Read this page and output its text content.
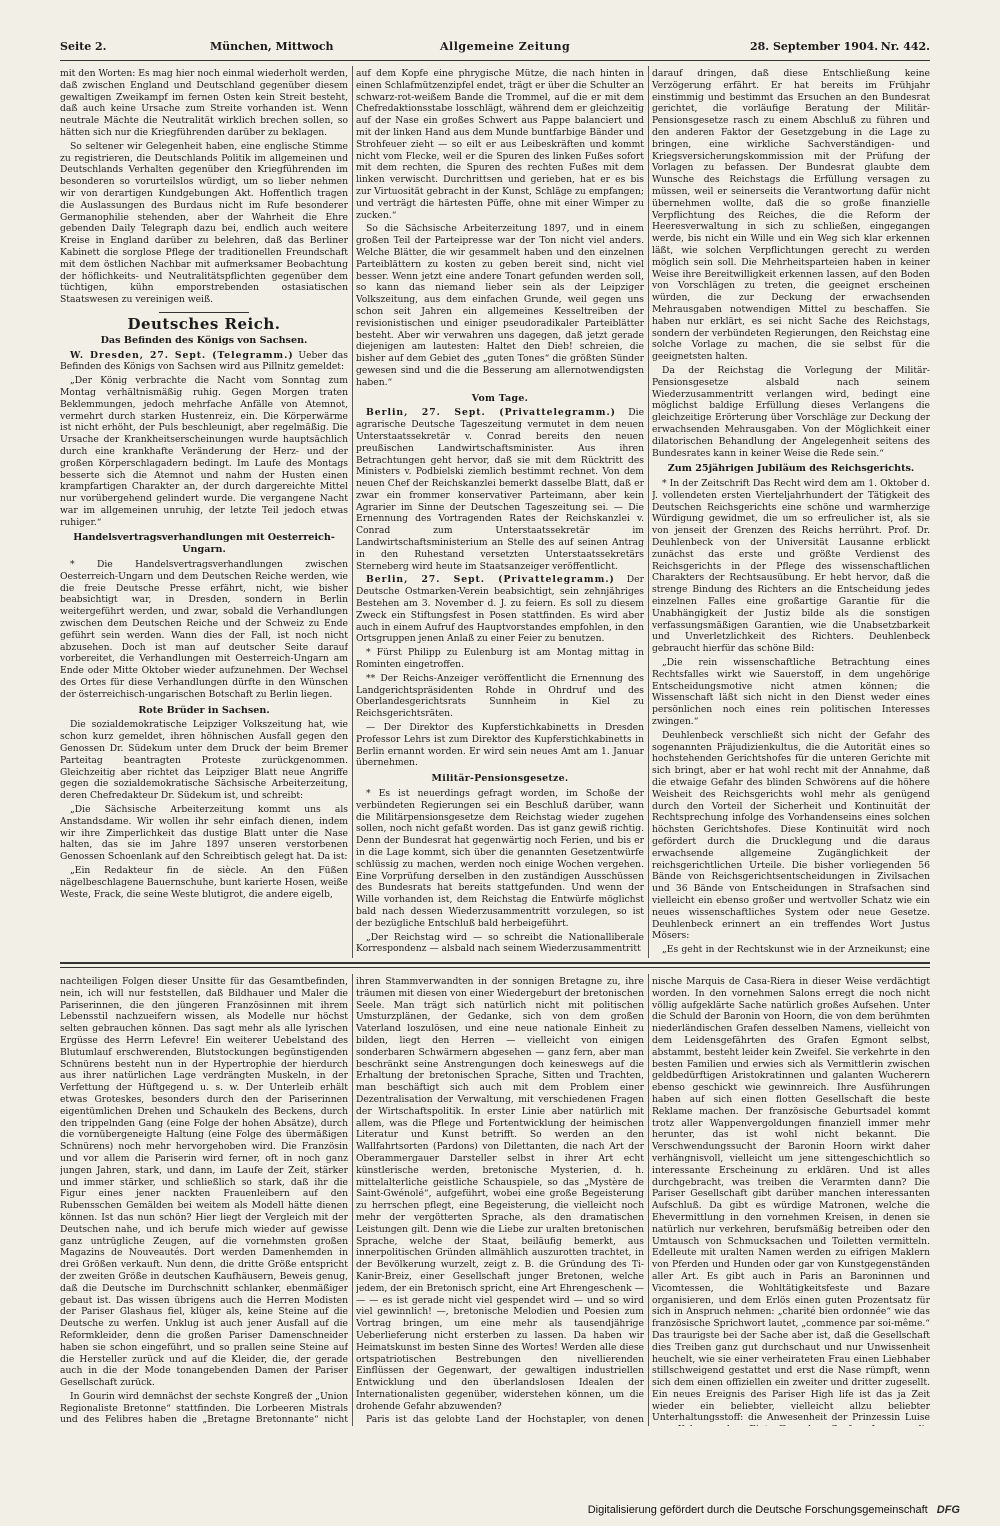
Seite 2.	München, Mittwoch	Allgemeine Zeitung	28. September 1904. Nr. 442.

mit den Worten: Es mag hier noch einmal wiederholt werden, daß zwischen England und Deutschland gegenüber diesem gewaltigen Zweikampf im fernen Osten kein Streit besteht, daß auch keine Ursache zum Streite vorhanden ist. Wenn neutrale Mächte die Neutralität wirklich brechen sollen, so hätten sich nur die Kriegführenden darüber zu beklagen.

So seltener wir Gelegenheit haben, eine englische Stimme zu registrieren, die Deutschlands Politik im allgemeinen und Deutschlands Verhalten gegenüber den Kriegführenden im besonderen so vorurteilslos würdigt, um so lieber nehmen wir von derartigen Kundgebungen Akt. Hoffentlich tragen die Auslassungen des Burdaus nicht im Rufe besonderer Germanophilie stehenden, aber der Wahrheit die Ehre gebenden Daily Telegraph dazu bei, endlich auch weitere Kreise in England darüber zu belehren, daß das Berliner Kabinett die sorglose Pflege der traditionellen Freundschaft mit dem östlichen Nachbar mit aufmerksamer Beobachtung der höflichkeits- und Neutralitätspflichten gegenüber dem tüchtigen, kühn emporstrebenden ostasiatischen Staatswesen zu vereinigen weiß.

Deutsches Reich.
Das Befinden des Königs von Sachsen.

W. Dresden, 27. Sept. (Telegramm.) Ueber das Befinden des Königs von Sachsen wird aus Pillnitz gemeldet:

„Der König verbrachte die Nacht vom Sonntag zum Montag verhältnismäßig ruhig. Gegen Morgen traten Beklemmungen, jedoch mehrfache Anfälle von Atemnot, vermehrt durch starken Hustenreiz, ein. Die Körperwärme ist nicht erhöht, der Puls beschleunigt, aber regelmäßig. Die Ursache der Krankheitserscheinungen wurde hauptsächlich durch eine krankhafte Veränderung der Herz- und der großen Körperschlagadern bedingt. Im Laufe des Montags besserte sich die Atemnot und nahm der Husten einen krampfartigen Charakter an, der durch dargereichte Mittel nur vorübergehend gelindert wurde. Die vergangene Nacht war im allgemeinen unruhig, der letzte Teil jedoch etwas ruhiger.“

Handelsvertragsverhandlungen mit Oesterreich-Ungarn.

* Die Handelsvertragsverhandlungen zwischen Oesterreich-Ungarn und dem Deutschen Reiche werden, wie die freie Deutsche Presse erfährt, nicht, wie bisher beabsichtigt war, in Dresden, sondern in Berlin weitergeführt werden, und zwar, sobald die Verhandlungen zwischen dem Deutschen Reiche und der Schweiz zu Ende geführt sein werden. Wann dies der Fall, ist noch nicht abzusehen. Doch ist man auf deutscher Seite darauf vorbereitet, die Verhandlungen mit Oesterreich-Ungarn am Ende oder Mitte Oktober wieder aufzunehmen. Der Wechsel des Ortes für diese Verhandlungen dürfte in den Wünschen der österreichisch-ungarischen Botschaft zu Berlin liegen.

Rote Brüder in Sachsen.

Die sozialdemokratische Leipziger Volkszeitung hat, wie schon kurz gemeldet, ihren höhnischen Ausfall gegen den Genossen Dr. Südekum unter dem Druck der beim Bremer Parteitag beantragten Proteste zurückgenommen. Gleichzeitig aber richtet das Leipziger Blatt neue Angriffe gegen die sozialdemokratische Sächsische Arbeiterzeitung, deren Chefredakteur Dr. Südekum ist, und schreibt:

„Die Sächsische Arbeiterzeitung kommt uns als Anstandsdame. Wir wollen ihr sehr einfach dienen, indem wir ihre Zimperlichkeit das dustige Blatt unter die Nase halten, das sie im Jahre 1897 unseren verstorbenen Genossen Schoenlank auf den Schreibtisch gelegt hat. Da ist:

„Ein Redakteur fin de siècle. An den Füßen nägelbeschlagene Bauernschuhe, bunt karierte Hosen, weiße Weste, Frack, die seine Weste blutigrot, die andere eigelb,

auf dem Kopfe eine phrygische Mütze, die nach hinten in einen Schlafmützenzipfel endet, trägt er über die Schulter an schwarz-rot-weißem Bande die Trommel, auf die er mit dem Chefredaktionsstabe losschlägt, während dem er gleichzeitig auf der Nase ein großes Schwert aus Pappe balanciert und mit der linken Hand aus dem Munde buntfarbige Bänder und Strohfeuer zieht — so eilt er aus Leibeskräften und kommt nicht vom Flecke, weil er die Spuren des linken Fußes sofort mit dem rechten, die Spuren des rechten Fußes mit dem linken verwischt. Durchrittsen und gerieben, hat er es bis zur Virtuosität gebracht in der Kunst, Schläge zu empfangen; und verträgt die härtesten Püffe, ohne mit einer Wimper zu zucken.“

So die Sächsische Arbeiterzeitung 1897, und in einem großen Teil der Parteipresse war der Ton nicht viel anders. Welche Blätter, die wir gesammelt haben und den einzelnen Parteiblättern zu kosten zu geben bereit sind, nicht viel besser. Wenn jetzt eine andere Tonart gefunden werden soll, so kann das niemand lieber sein als der Leipziger Volkszeitung, aus dem einfachen Grunde, weil gegen uns schon seit Jahren ein allgemeines Kesseltreiben der revisionistischen und einiger pseudoradikaler Parteiblätter besteht. Aber wir verwahren uns dagegen, daß jetzt gerade diejenigen am lautesten: Haltet den Dieb! schreien, die bisher auf dem Gebiet des „guten Tones“ die größten Sünder gewesen sind und die die Besserung am allernotwendigsten haben.“

Vom Tage.

Berlin, 27. Sept. (Privattelegramm.) Die agrarische Deutsche Tageszeitung vermutet in dem neuen Unterstaatssekretär v. Conrad bereits den neuen preußischen Landwirtschaftsminister. Aus ihren Betrachtungen geht hervor, daß sie mit dem Rücktritt des Ministers v. Podbielski ziemlich bestimmt rechnet. Von dem neuen Chef der Reichskanzlei bemerkt dasselbe Blatt, daß er zwar ein frommer konservativer Parteimann, aber kein Agrarier im Sinne der Deutschen Tageszeitung sei. — Die Ernennung des Vortragenden Rates der Reichskanzlei v. Conrad zum Unterstaatssekretär im Landwirtschaftsministerium an Stelle des auf seinen Antrag in den Ruhestand versetzten Unterstaatssekretärs Sterneberg wird heute im Staatsanzeiger veröffentlicht.

Berlin, 27. Sept. (Privattelegramm.) Der Deutsche Ostmarken-Verein beabsichtigt, sein zehnjähriges Bestehen am 3. November d. J. zu feiern. Es soll zu diesem Zweck ein Stiftungsfest in Posen stattfinden. Es wird aber auch in einem Aufruf des Hauptvorstandes empfohlen, in den Ortsgruppen jenen Anlaß zu einer Feier zu benutzen.

* Fürst Philipp zu Eulenburg ist am Montag mittag in Rominten eingetroffen.

** Der Reichs-Anzeiger veröffentlicht die Ernennung des Landgerichtspräsidenten Rohde in Ohrdruf und des Oberlandesgerichtsrats Sunnheim in Kiel zu Reichsgerichtsräten.

— Der Direktor des Kupferstichkabinetts in Dresden Professor Lehrs ist zum Direktor des Kupferstichkabinetts in Berlin ernannt worden. Er wird sein neues Amt am 1. Januar übernehmen.

Militär-Pensionsgesetze.

* Es ist neuerdings gefragt worden, im Schoße der verbündeten Regierungen sei ein Beschluß darüber, wann die Militärpensionsgesetze dem Reichstag wieder zugehen sollen, noch nicht gefaßt worden. Das ist ganz gewiß richtig. Denn der Bundesrat hat gegenwärtig noch Ferien, und bis er in die Lage kommt, sich über die genannten Gesetzentwürfe schlüssig zu machen, werden noch einige Wochen vergehen. Eine Vorprüfung derselben in den zuständigen Ausschüssen des Bundesrats hat bereits stattgefunden. Und wenn der Wille vorhanden ist, dem Reichstag die Entwürfe möglichst bald nach dessen Wiederzusammentritt vorzulegen, so ist der bezügliche Entschluß bald herbeigeführt.

„Der Reichstag wird — so schreibt die Nationalliberale Korrespondenz — alsbald nach seinem Wiederzusammentritt

darauf dringen, daß diese Entschließung keine Verzögerung erfährt. Er hat bereits im Frühjahr einstimmig und bestimmt das Ersuchen an den Bundesrat gerichtet, die vorläufige Beratung der Militär-Pensionsgesetze rasch zu einem Abschluß zu führen und den anderen Faktor der Gesetzgebung in die Lage zu bringen, eine wirkliche Sachverständigen- und Kriegsversicherungskommission mit der Prüfung der Vorlagen zu befassen. Der Bundesrat glaubte dem Wunsche des Reichstags die Erfüllung versagen zu müssen, weil er seinerseits die Verantwortung dafür nicht übernehmen wollte, daß die so große finanzielle Verpflichtung des Reiches, die die Reform der Heeresverwaltung in sich zu schließen, eingegangen werde, bis nicht ein Wille und ein Weg sich klar erkennen läßt, wie solchen Verpflichtungen gerecht zu werden möglich sein soll. Die Mehrheitsparteien haben in keiner Weise ihre Bereitwilligkeit erkennen lassen, auf den Boden von Vorschlägen zu treten, die geeignet erscheinen würden, die zur Deckung der erwachsenden Mehrausgaben notwendigen Mittel zu beschaffen. Sie haben nur erklärt, es sei nicht Sache des Reichstags, sondern der verbündeten Regierungen, den Reichstag eine solche Vorlage zu machen, die sie selbst für die geeignetsten halten.

Da der Reichstag die Vorlegung der Militär-Pensionsgesetze alsbald nach seinem Wiederzusammentritt verlangen wird, bedingt eine möglichst baldige Erfüllung dieses Verlangens die gleichzeitige Erörterung über Vorschläge zur Deckung der erwachsenden Mehrausgaben. Von der Möglichkeit einer dilatorischen Behandlung der Angelegenheit seitens des Bundesrates kann in keiner Weise die Rede sein.“

Zum 25jährigen Jubiläum des Reichsgerichts.

* In der Zeitschrift Das Recht wird dem am 1. Oktober d. J. vollendeten ersten Vierteljahrhundert der Tätigkeit des Deutschen Reichsgerichts eine schöne und warmherzige Würdigung gewidmet, die um so erfreulicher ist, als sie von jenseit der Grenzen des Reichs herrührt. Prof. Dr. Deuhlenbeck von der Universität Lausanne erblickt zunächst das erste und größte Verdienst des Reichsgerichts in der Pflege des wissenschaftlichen Charakters der Rechtsausübung. Er hebt hervor, daß die strenge Bindung des Richters an die Entscheidung jedes einzelnen Falles eine großartige Garantie für die Unabhängigkeit der Justiz bilde als die sonstigen verfassungsmäßigen Garantien, wie die Unabsetzbarkeit und Unverletzlichkeit des Richters. Deuhlenbeck gebraucht hierfür das schöne Bild:

„Die rein wissenschaftliche Betrachtung eines Rechtsfalles wirkt wie Sauerstoff, in dem ungehörige Entscheidungsmotive nicht atmen können; die Wissenschaft läßt sich nicht in den Dienst weder eines persönlichen noch eines rein politischen Interesses zwingen.“

Deuhlenbeck verschließt sich nicht der Gefahr des sogenannten Präjudizienkultus, die die Autorität eines so hochstehenden Gerichtshofes für die unteren Gerichte mit sich bringt, aber er hat wohl recht mit der Annahme, daß die etwaige Gefahr des blinden Schwörens auf die höhere Weisheit des Reichsgerichts wohl mehr als genügend durch den Vorteil der Sicherheit und Kontinuität der Rechtsprechung infolge des Vorhandenseins eines solchen höchsten Gerichtshofes. Diese Kontinuität wird noch gefördert durch die Drucklegung und die daraus erwachsende allgemeine Zugänglichkeit der reichsgerichtlichen Urteile. Die bisher vorliegenden 56 Bände von Reichsgerichtsentscheidungen in Zivilsachen und 36 Bände von Entscheidungen in Strafsachen sind vielleicht ein ebenso großer und wertvoller Schatz wie ein neues wissenschaftliches System oder neue Gesetze. Deuhlenbeck erinnert an ein treffendes Wort Justus Mösers:

„Es geht in der Rechtskunst wie in der Arzneikunst; eine

nachteiligen Folgen dieser Unsitte für das Gesamtbefinden, nein, ich will nur feststellen, daß Bildhauer und Maler die Pariserinnen, die den jüngeren Französinnen mit ihrem Lebensstil nachzueifern wissen, als Modelle nur höchst selten gebrauchen können. Das sagt mehr als alle lyrischen Ergüsse des Herrn Lefevre! Ein weiterer Uebelstand des Blutumlauf erschwerenden, Blutstockungen begünstigenden Schnürens besteht nun in der Hypertrophie der hierdurch aus ihrer natürlichen Lage verdrängten Muskeln, in der Verfettung der Hüftgegend u. s. w. Der Unterleib erhält etwas Groteskes, besonders durch den der Pariserinnen eigentümlichen Drehen und Schaukeln des Beckens, durch den trippelnden Gang (eine Folge der hohen Absätze), durch die vornübergeneigte Haltung (eine Folge des übermäßigen Schnürens) noch mehr hervorgehoben wird. Die Französin und vor allem die Pariserin wird ferner, oft in noch ganz jungen Jahren, stark, und dann, im Laufe der Zeit, stärker und immer stärker, und schließlich so stark, daß ihr die Figur eines jener nackten Frauenleibern auf den Rubensschen Gemälden bei weitem als Modell hätte dienen können. Ist das nun schön? Hier liegt der Vergleich mit der Deutschen nahe, und ich berufe mich wieder auf gewisse ganz untrügliche Zeugen, auf die vornehmsten großen Magazins de Nouveautés. Dort werden Damenhemden in drei Größen verkauft. Nun denn, die dritte Größe entspricht der zweiten Größe in deutschen Kaufhäusern, Beweis genug, daß die Deutsche im Durchschnitt schlanker, ebenmäßiger gebaut ist. Das wissen übrigens auch die Herren Modisten der Pariser Glashaus fiel, klüger als, keine Steine auf die Deutsche zu werfen. Unklug ist auch jener Ausfall auf die Reformkleider, denn die großen Pariser Damenschneider haben sie schon eingeführt, und so prallen seine Steine auf die Hersteller zurück und auf die Kleider, die, der gerade auch in die der Mode tonangebenden Damen der Pariser Gesellschaft zurück.

In Gourin wird demnächst der sechste Kongreß der „Union Regionaliste Bretonne“ stattfinden. Die Lorbeeren Mistrals und des Felibres haben die „Bretagne Bretonnante“ nicht

ihren Stammverwandten in der sonnigen Bretagne zu, ihre träumen mit diesen von einer Wiedergeburt der bretonischen Seele. Man trägt sich natürlich nicht mit politischen Umsturzplänen, der Gedanke, sich von dem großen Vaterland loszulösen, und eine neue nationale Einheit zu bilden, liegt den Herren — vielleicht von einigen sonderbaren Schwärmern abgesehen — ganz fern, aber man beschränkt seine Anstrengungen doch keineswegs auf die Erhaltung der bretonischen Sprache, Sitten und Trachten, man beschäftigt sich auch mit dem Problem einer Dezentralisation der Verwaltung, mit verschiedenen Fragen der Wirtschaftspolitik. In erster Linie aber natürlich mit allem, was die Pflege und Fortentwicklung der heimischen Literatur und Kunst betrifft. So werden an den Wallfahrtsorten (Pardons) von Dilettanten, die nach Art der Oberammergauer Darsteller selbst in ihrer Art echt künstlerische werden, bretonische Mysterien, d. h. mittelalterliche geistliche Schauspiele, so das „Mystère de Saint-Gwénolé“, aufgeführt, wobei eine große Begeisterung zu herrschen pflegt, eine Begeisterung, die vielleicht noch mehr der vergötterten Sprache, als den dramatischen Leistungen gilt. Denn wie die Liebe zur uralten bretonischen Sprache, welche der Staat, beiläufig bemerkt, aus innerpolitischen Gründen allmählich auszurotten trachtet, in der Bevölkerung wurzelt, zeigt z. B. die Gründung des Ti-Kanir-Breiz, einer Gesellschaft junger Bretonen, welche jedem, der ein Bretonisch spricht, eine Art Ehrengeschenk — — — es ist gerade nicht viel gespendet wird — und so wird viel gewinnlich! —, bretonische Melodien und Poesien zum Vortrag bringen, um eine mehr als tausendjährige Ueberlieferung nicht ersterben zu lassen. Da haben wir Heimatskunst im besten Sinne des Wortes! Werden alle diese ortspatriotischen Bestrebungen den nivellierenden Einflüssen der Gegenwart, der gewaltigen industriellen Entwicklung und den überlandslosen Idealen der Internationalisten gegenüber, widerstehen können, um die drohende Gefahr abzuwenden?

Paris ist das gelobte Land der Hochstapler, von denen

nische Marquis de Casa-Riera in dieser Weise verdächtigt worden. In den vornehmen Salons erregt die noch nicht völlig aufgeklärte Sache natürlich großes Aufsehen. Unter die Schuld der Baronin von Hoorn, die von dem berühmten niederländischen Grafen desselben Namens, vielleicht von dem Leidensgefährten des Grafen Egmont selbst, abstammt, besteht leider kein Zweifel. Sie verkehrte in den besten Familien und erwies sich als Vermittlerin zwischen geldbedürftigen Aristokratinnen und galanten Wucherern ebenso geschickt wie gewinnreich. Ihre Ausführungen haben auf sich einen flotten Gesellschaft die beste Reklame machen. Der französische Geburtsadel kommt trotz aller Wappenvergoldungen finanziell immer mehr herunter, das ist wohl nicht bekannt. Die Verschwendungssucht der Baronin Hoorn wirkt daher verhängnisvoll, vielleicht um jene sittengeschichtlich so interessante Erscheinung zu erklären. Und ist alles durchgebracht, was treiben die Verarmten dann? Die Pariser Gesellschaft gibt darüber manchen interessanten Aufschluß. Da gibt es würdige Matronen, welche die Ehevermittlung in den vornehmen Kreisen, in denen sie natürlich nur verkehren, berufsmäßig betreiben oder den Umtausch von Schmucksachen und Toiletten vermitteln. Edelleute mit uralten Namen werden zu eifrigen Maklern von Pferden und Hunden oder gar von Kunstgegenständen aller Art. Es gibt auch in Paris an Baroninnen und Vicomtessen, die Wohltätigkeitsfeste und Bazare organisieren, und dem Erlös einen guten Prozentsatz für sich in Anspruch nehmen: „charité bien ordonnée“ wie das französische Sprichwort lautet, „commence par soi-même.“ Das traurigste bei der Sache aber ist, daß die Gesellschaft dies Treiben ganz gut durchschaut und nur Unwissenheit heuchelt, wie sie einer verheirateten Frau einen Liebhaber stillschweigend gestattet und erst die Nase rümpft, wenn sich dem einen offiziellen ein zweiter und dritter zugesellt. Ein neues Ereignis des Pariser High life ist das ja Zeit wieder ein beliebter, vielleicht allzu beliebter Unterhaltungsstoff: die Anwesenheit der Prinzessin Luise

Digitalisierung gefördert durch die Deutsche Forschungsgemeinschaft DFG
